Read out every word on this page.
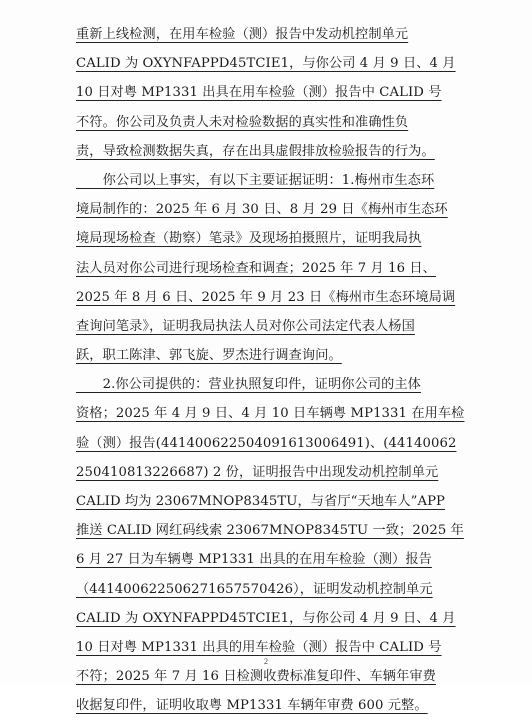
重新上线检测，在用车检验（测）报告中发动机控制单元
CALID 为 OXYNFAPPD45TCIE1，与你公司 4 月 9 日、4 月
10 日对粤 MP1331 出具在用车检验（测）报告中 CALID 号
不符。你公司及负责人未对检验数据的真实性和准确性负
责，导致检测数据失真，存在出具虚假排放检验报告的行为。
　　你公司以上事实，有以下主要证据证明：1.梅州市生态环
境局制作的：2025 年 6 月 30 日、8 月 29 日《梅州市生态环
境局现场检查（勘察）笔录》及现场拍摄照片，证明我局执
法人员对你公司进行现场检查和调查；2025 年 7 月 16 日、
2025 年 8 月 6 日、2025 年 9 月 23 日《梅州市生态环境局调
查询问笔录》，证明我局执法人员对你公司法定代表人杨国
跃，职工陈津、郭飞旋、罗杰进行调查询问。
　　2.你公司提供的：营业执照复印件，证明你公司的主体
资格；2025 年 4 月 9 日、4 月 10 日车辆粤 MP1331 在用车检
验（测）报告(441400622504091613006491)、(44140062
250410813226687) 2 份，证明报告中出现发动机控制单元
CALID 均为 23067MNOP8345TU，与省厅“天地车人”APP
推送 CALID 网红码线索 23067MNOP8345TU 一致；2025 年
6 月 27 日为车辆粤 MP1331 出具的在用车检验（测）报告
（441400622506271657570426），证明发动机控制单元
CALID 为 OXYNFAPPD45TCIE1，与你公司 4 月 9 日、4 月
10 日对粤 MP1331 出具的用车检验（测）报告中 CALID 号
不符；2025 年 7 月 16 日检测收费标准复印件、车辆年审费
收据复印件，证明收取粤 MP1331 车辆年审费 600 元整。
2
